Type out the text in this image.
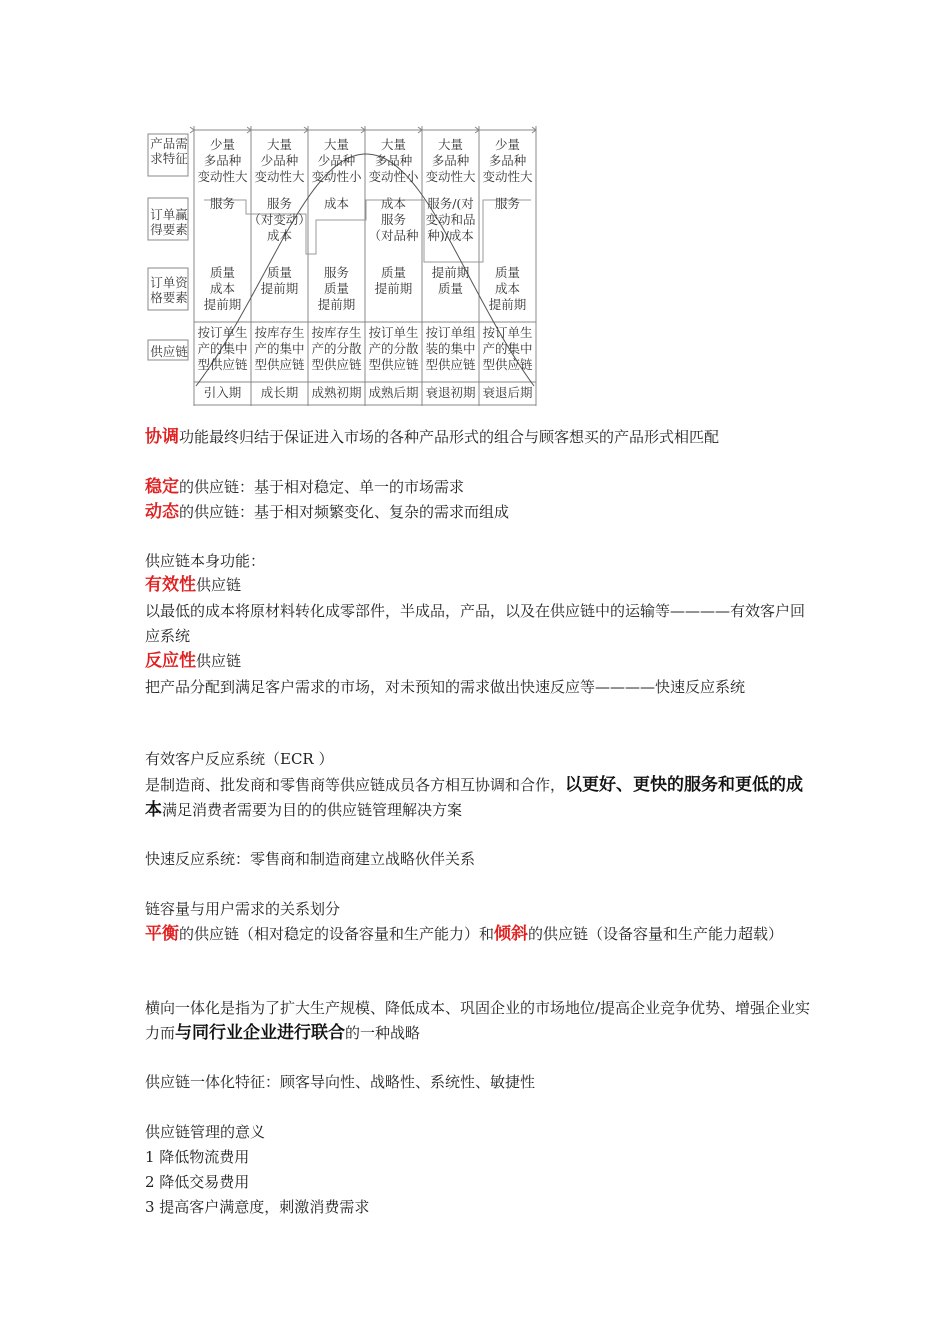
产品需
求特征
订单赢
得要素
订单资
格要素
供应链
少量
多品种
变动性大
服务
质量
成本
提前期
按订单生
产的集中
型供应链
引入期
大量
少品种
变动性大
服务
（对变动）
成本
质量
提前期
按库存生
产的集中
型供应链
成长期
大量
少品种
变动性小
成本
服务
质量
提前期
按库存生
产的分散
型供应链
成熟初期
大量
多品种
变动性小
成本
服务
（对品种
质量
提前期
按订单生
产的分散
型供应链
成熟后期
大量
多品种
变动性大
服务/(对
变动和品
种)/成本
提前期
质量
按订单组
装的集中
型供应链
衰退初期
少量
多品种
变动性大
服务
质量
成本
提前期
按订单生
产的集中
型供应链
衰退后期
协调功能最终归结于保证进入市场的各种产品形式的组合与顾客想买的产品形式相匹配
稳定的供应链：基于相对稳定、单一的市场需求
动态的供应链：基于相对频繁变化、复杂的需求而组成
供应链本身功能：
有效性供应链
以最低的成本将原材料转化成零部件，半成品，产品，以及在供应链中的运输等————有效客户回应系统
反应性供应链
把产品分配到满足客户需求的市场，对未预知的需求做出快速反应等————快速反应系统
有效客户反应系统（ECR ）
是制造商、批发商和零售商等供应链成员各方相互协调和合作，以更好、更快的服务和更低的成本满足消费者需要为目的的供应链管理解决方案
快速反应系统：零售商和制造商建立战略伙伴关系
链容量与用户需求的关系划分
平衡的供应链（相对稳定的设备容量和生产能力）和倾斜的供应链（设备容量和生产能力超载）
横向一体化是指为了扩大生产规模、降低成本、巩固企业的市场地位/提高企业竞争优势、增强企业实力而与同行业企业进行联合的一种战略
供应链一体化特征：顾客导向性、战略性、系统性、敏捷性
供应链管理的意义
1 降低物流费用
2 降低交易费用
3 提高客户满意度，刺激消费需求
